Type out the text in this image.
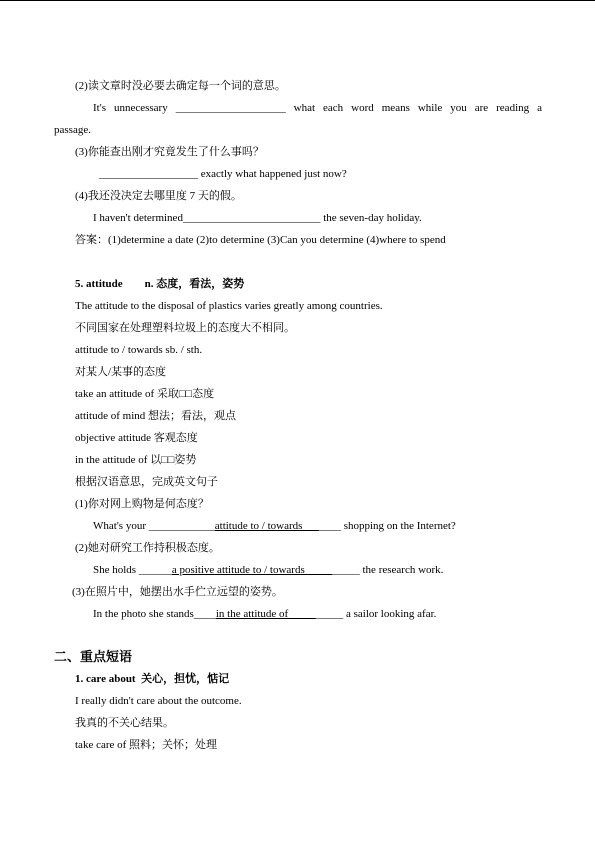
(2)读文章时没必要去确定每一个词的意思。
It's unnecessary ____________________ what each word means while you are reading a
passage.
(3)你能查出刚才究竟发生了什么事吗？
__________________ exactly what happened just now?
(4)我还没决定去哪里度 7 天的假。
I haven't determined_________________________ the seven-day holiday.
答案：(1)determine a date (2)to determine (3)Can you determine (4)where to spend
5. attitude n. 态度，看法，姿势
The attitude to the disposal of plastics varies greatly among countries.
不同国家在处理塑料垃圾上的态度大不相同。
attitude to / towards sb. / sth.
对某人/某事的态度
take an attitude of 采取□□态度
attitude of mind 想法；看法，观点
objective attitude 客观态度
in the attitude of 以□□姿势
根据汉语意思，完成英文句子
(1)你对网上购物是何态度？
What's your ____________attitude to / towards_______ shopping on the Internet?
(2)她对研究工作持积极态度。
She holds ______a positive attitude to / towards__________ the research work.
(3)在照片中，她摆出水手伫立远望的姿势。
In the photo she stands____in the attitude of__________ a sailor looking afar.
二、重点短语
1. care about 关心，担忧，惦记
I really didn't care about the outcome.
我真的不关心结果。
take care of 照料；关怀；处理
